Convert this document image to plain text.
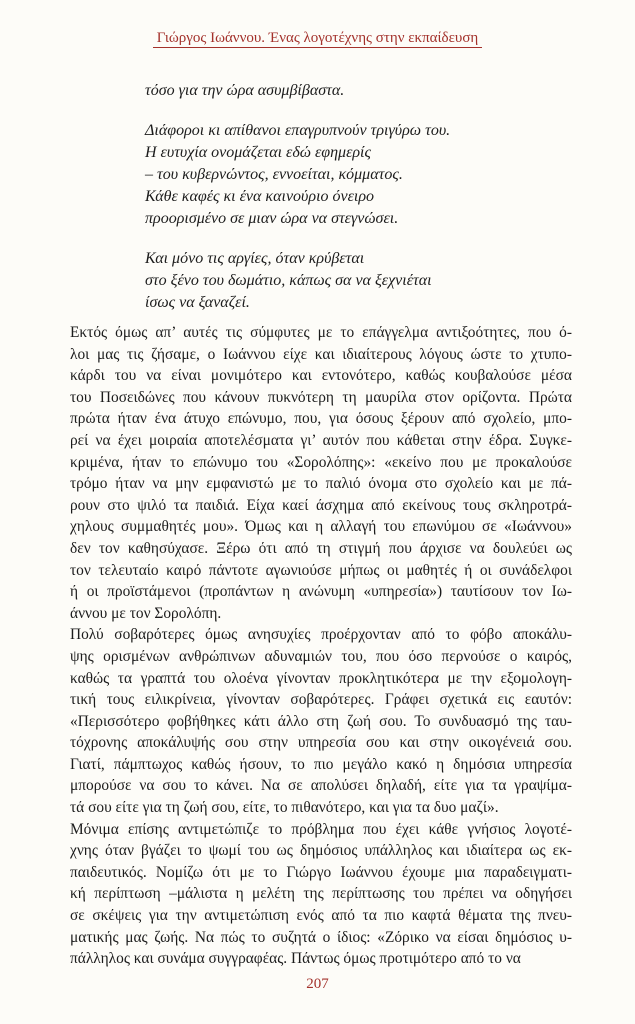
Γιώργος Ιωάννου. Ένας λογοτέχνης στην εκπαίδευση
τόσο για την ώρα ασυμβίβαστα.
Διάφοροι κι απίθανοι επαγρυπνούν τριγύρω του.
Η ευτυχία ονομάζεται εδώ εφημερίς
– του κυβερνώντος, εννοείται, κόμματος.
Κάθε καφές κι ένα καινούριο όνειρο
προορισμένο σε μιαν ώρα να στεγνώσει.
Και μόνο τις αργίες, όταν κρύβεται
στο ξένο του δωμάτιο, κάπως σα να ξεχνιέται
ίσως να ξαναζεί.

Εκτός όμως απ’ αυτές τις σύμφυτες με το επάγγελμα αντιξοότητες, που ό-
λοι μας τις ζήσαμε, ο Ιωάννου είχε και ιδιαίτερους λόγους ώστε το χτυπο-
κάρδι του να είναι μονιμότερο και εντονότερο, καθώς κουβαλούσε μέσα
του Ποσειδώνες που κάνουν πυκνότερη τη μαυρίλα στον ορίζοντα. Πρώτα
πρώτα ήταν ένα άτυχο επώνυμο, που, για όσους ξέρουν από σχολείο, μπο-
ρεί να έχει μοιραία αποτελέσματα γι’ αυτόν που κάθεται στην έδρα. Συγκε-
κριμένα, ήταν το επώνυμο του «Σορολόπης»: «εκείνο που με προκαλούσε
τρόμο ήταν να μην εμφανιστώ με το παλιό όνομα στο σχολείο και με πά-
ρουν στο ψιλό τα παιδιά. Είχα καεί άσχημα από εκείνους τους σκληροτρά-
χηλους συμμαθητές μου». Όμως και η αλλαγή του επωνύμου σε «Ιωάννου»
δεν τον καθησύχασε. Ξέρω ότι από τη στιγμή που άρχισε να δουλεύει ως
τον τελευταίο καιρό πάντοτε αγωνιούσε μήπως οι μαθητές ή οι συνάδελφοι
ή οι προϊστάμενοι (προπάντων η ανώνυμη «υπηρεσία») ταυτίσουν τον Ιω-
άννου με τον Σορολόπη.

Πολύ σοβαρότερες όμως ανησυχίες προέρχονταν από το φόβο αποκάλυ-
ψης ορισμένων ανθρώπινων αδυναμιών του, που όσο περνούσε ο καιρός,
καθώς τα γραπτά του ολοένα γίνονταν προκλητικότερα με την εξομολογη-
τική τους ειλικρίνεια, γίνονταν σοβαρότερες. Γράφει σχετικά εις εαυτόν:
«Περισσότερο φοβήθηκες κάτι άλλο στη ζωή σου. Το συνδυασμό της ταυ-
τόχρονης αποκάλυψής σου στην υπηρεσία σου και στην οικογένειά σου.
Γιατί, πάμπτωχος καθώς ήσουν, το πιο μεγάλο κακό η δημόσια υπηρεσία
μπορούσε να σου το κάνει. Να σε απολύσει δηλαδή, είτε για τα γραψίμα-
τά σου είτε για τη ζωή σου, είτε, το πιθανότερο, και για τα δυο μαζί».

Μόνιμα επίσης αντιμετώπιζε το πρόβλημα που έχει κάθε γνήσιος λογοτέ-
χνης όταν βγάζει το ψωμί του ως δημόσιος υπάλληλος και ιδιαίτερα ως εκ-
παιδευτικός. Νομίζω ότι με το Γιώργο Ιωάννου έχουμε μια παραδειγματι-
κή περίπτωση –μάλιστα η μελέτη της περίπτωσης του πρέπει να οδηγήσει
σε σκέψεις για την αντιμετώπιση ενός από τα πιο καφτά θέματα της πνευ-
ματικής μας ζωής. Να πώς το συζητά ο ίδιος: «Ζόρικο να είσαι δημόσιος υ-
πάλληλος και συνάμα συγγραφέας. Πάντως όμως προτιμότερο από το να

207
